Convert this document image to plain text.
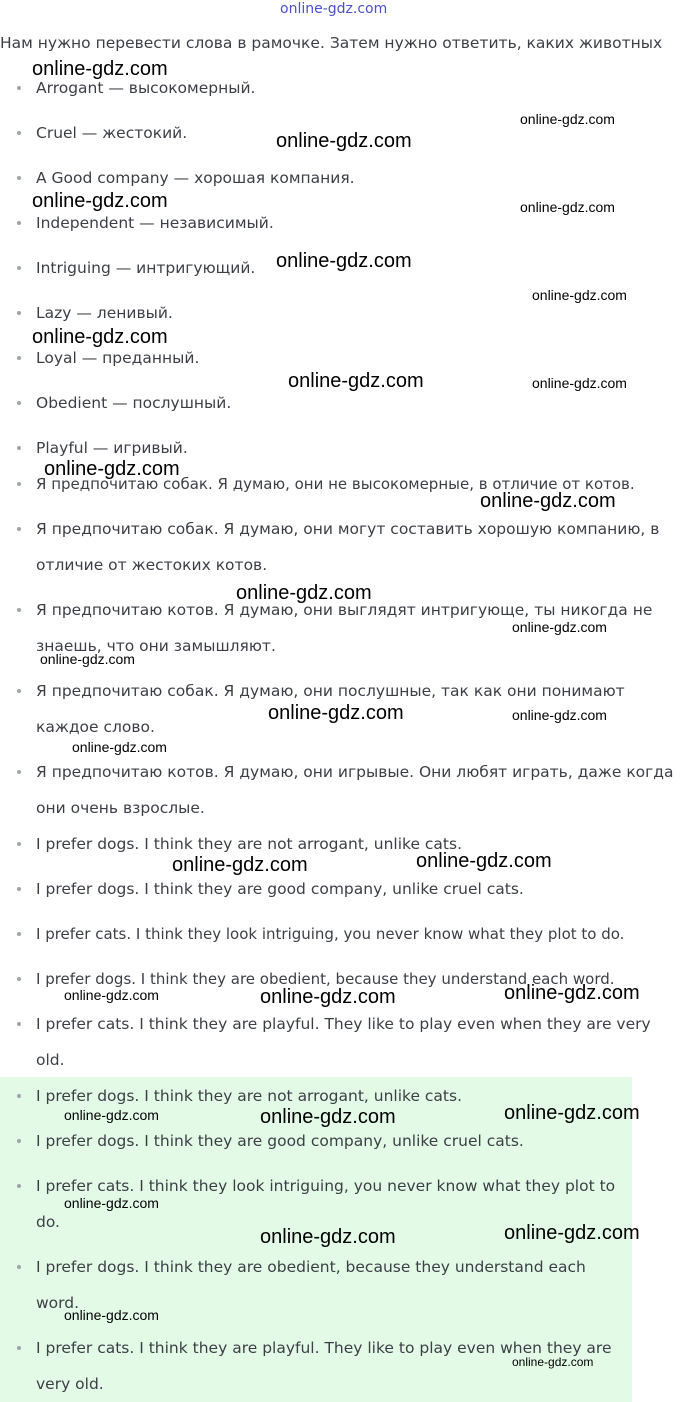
online-gdz.com
Нам нужно перевести слова в рамочке. Затем нужно ответить, каких животных
Arrogant — высокомерный.
Cruel — жестокий.
A Good company — хорошая компания.
Independent — независимый.
Intriguing — интригующий.
Lazy — ленивый.
Loyal — преданный.
Obedient — послушный.
Playful — игривый.
Я предпочитаю собак. Я думаю, они не высокомерные, в отличие от котов.
Я предпочитаю собак. Я думаю, они могут составить хорошую компанию, в отличие от жестоких котов.
Я предпочитаю котов. Я думаю, они выглядят интригующе, ты никогда не знаешь, что они замышляют.
Я предпочитаю собак. Я думаю, они послушные, так как они понимают каждое слово.
Я предпочитаю котов. Я думаю, они игрывые. Они любят играть, даже когда они очень взрослые.
I prefer dogs. I think they are not arrogant, unlike cats.
I prefer dogs. I think they are good company, unlike cruel cats.
I prefer cats. I think they look intriguing, you never know what they plot to do.
I prefer dogs. I think they are obedient, because they understand each word.
I prefer cats. I think they are playful. They like to play even when they are very old.
I prefer dogs. I think they are not arrogant, unlike cats.
I prefer dogs. I think they are good company, unlike cruel cats.
I prefer cats. I think they look intriguing, you never know what they plot to do.
I prefer dogs. I think they are obedient, because they understand each word.
I prefer cats. I think they are playful. They like to play even when they are very old.
online-gdz.com
online-gdz.com
online-gdz.com
online-gdz.com	online-gdz.com
online-gdz.com
online-gdz.com
online-gdz.com
online-gdz.com	online-gdz.com
online-gdz.com
online-gdz.com
online-gdz.com
online-gdz.com
online-gdz.com
online-gdz.com	online-gdz.com
online-gdz.com
online-gdz.com
online-gdz.com
online-gdz.com	online-gdz.com
online-gdz.com
online-gdz.com
online-gdz.com	online-gdz.com
online-gdz.com
online-gdz.com
online-gdz.com
online-gdz.com
online-gdz.com
